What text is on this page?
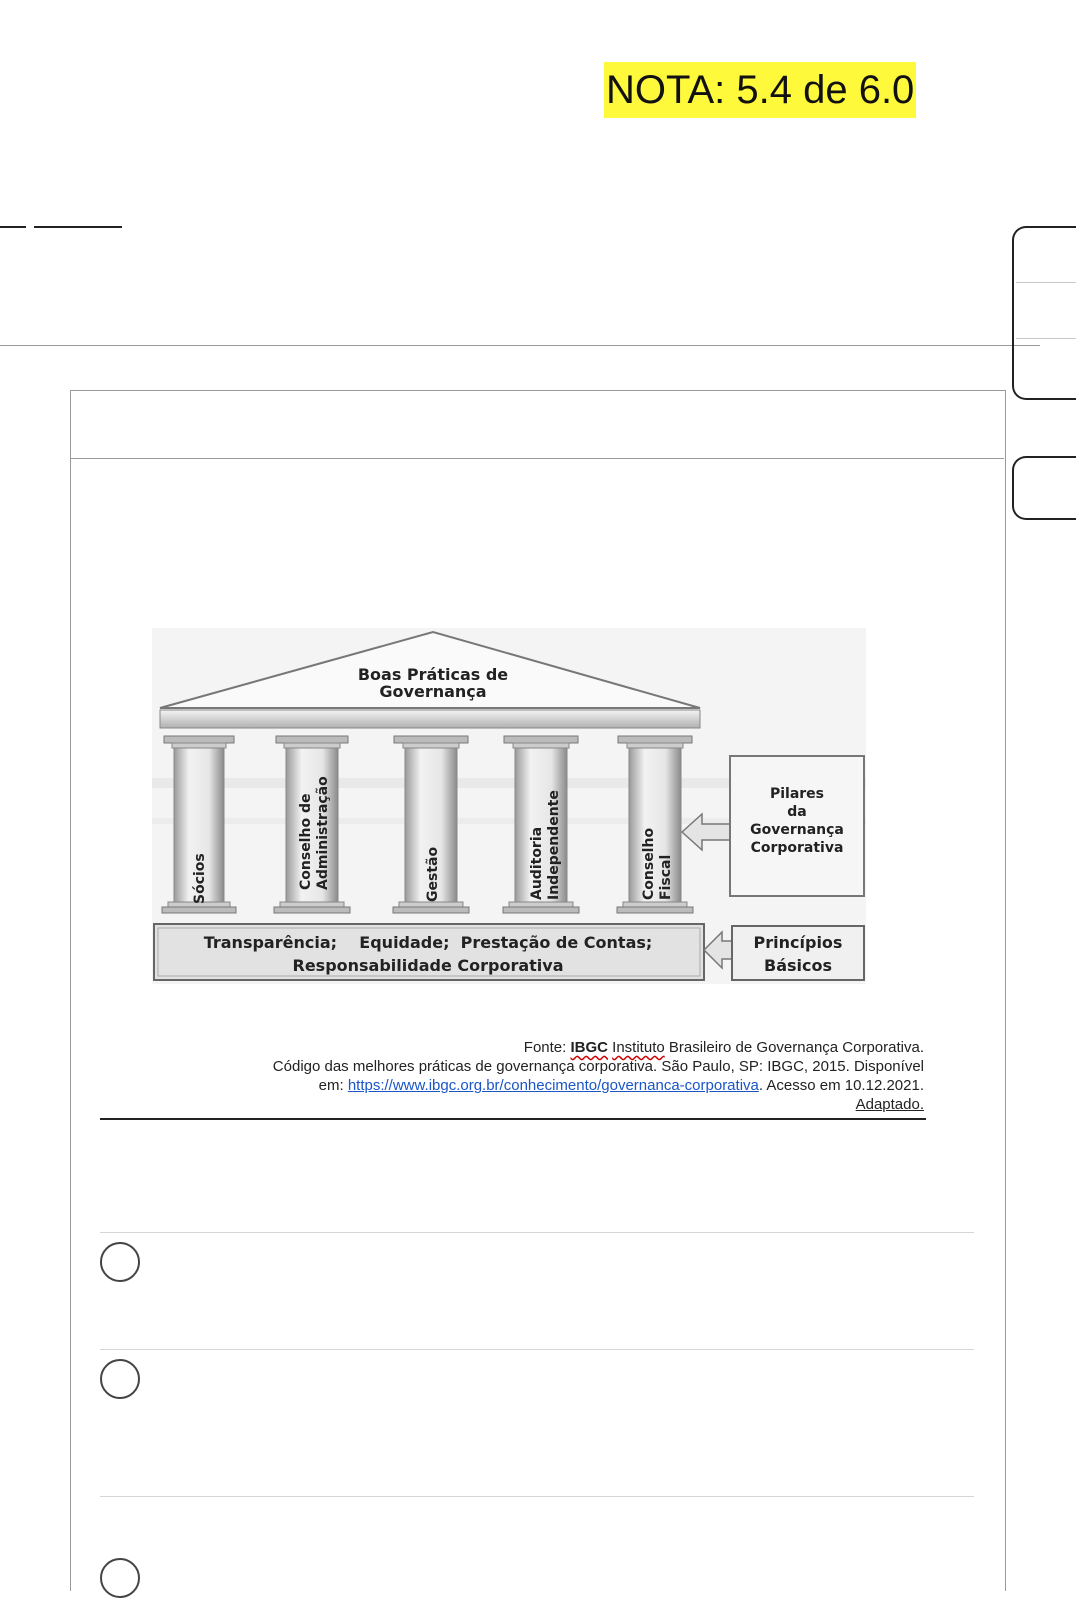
NOTA: 5.4 de 6.0
Boas Práticas de
Governança
Sócios	Conselho de Administração	Gestão	Auditoria Independente	Conselho Fiscal
Pilares
da
Governança
Corporativa
Transparência;    Equidade;  Prestação de Contas;
Responsabilidade Corporativa
Princípios
Básicos
Fonte: IBGC Instituto Brasileiro de Governança Corporativa.
Código das melhores práticas de governança corporativa. São Paulo, SP: IBGC, 2015. Disponível
em: https://www.ibgc.org.br/conhecimento/governanca-corporativa. Acesso em 10.12.2021.
Adaptado.
